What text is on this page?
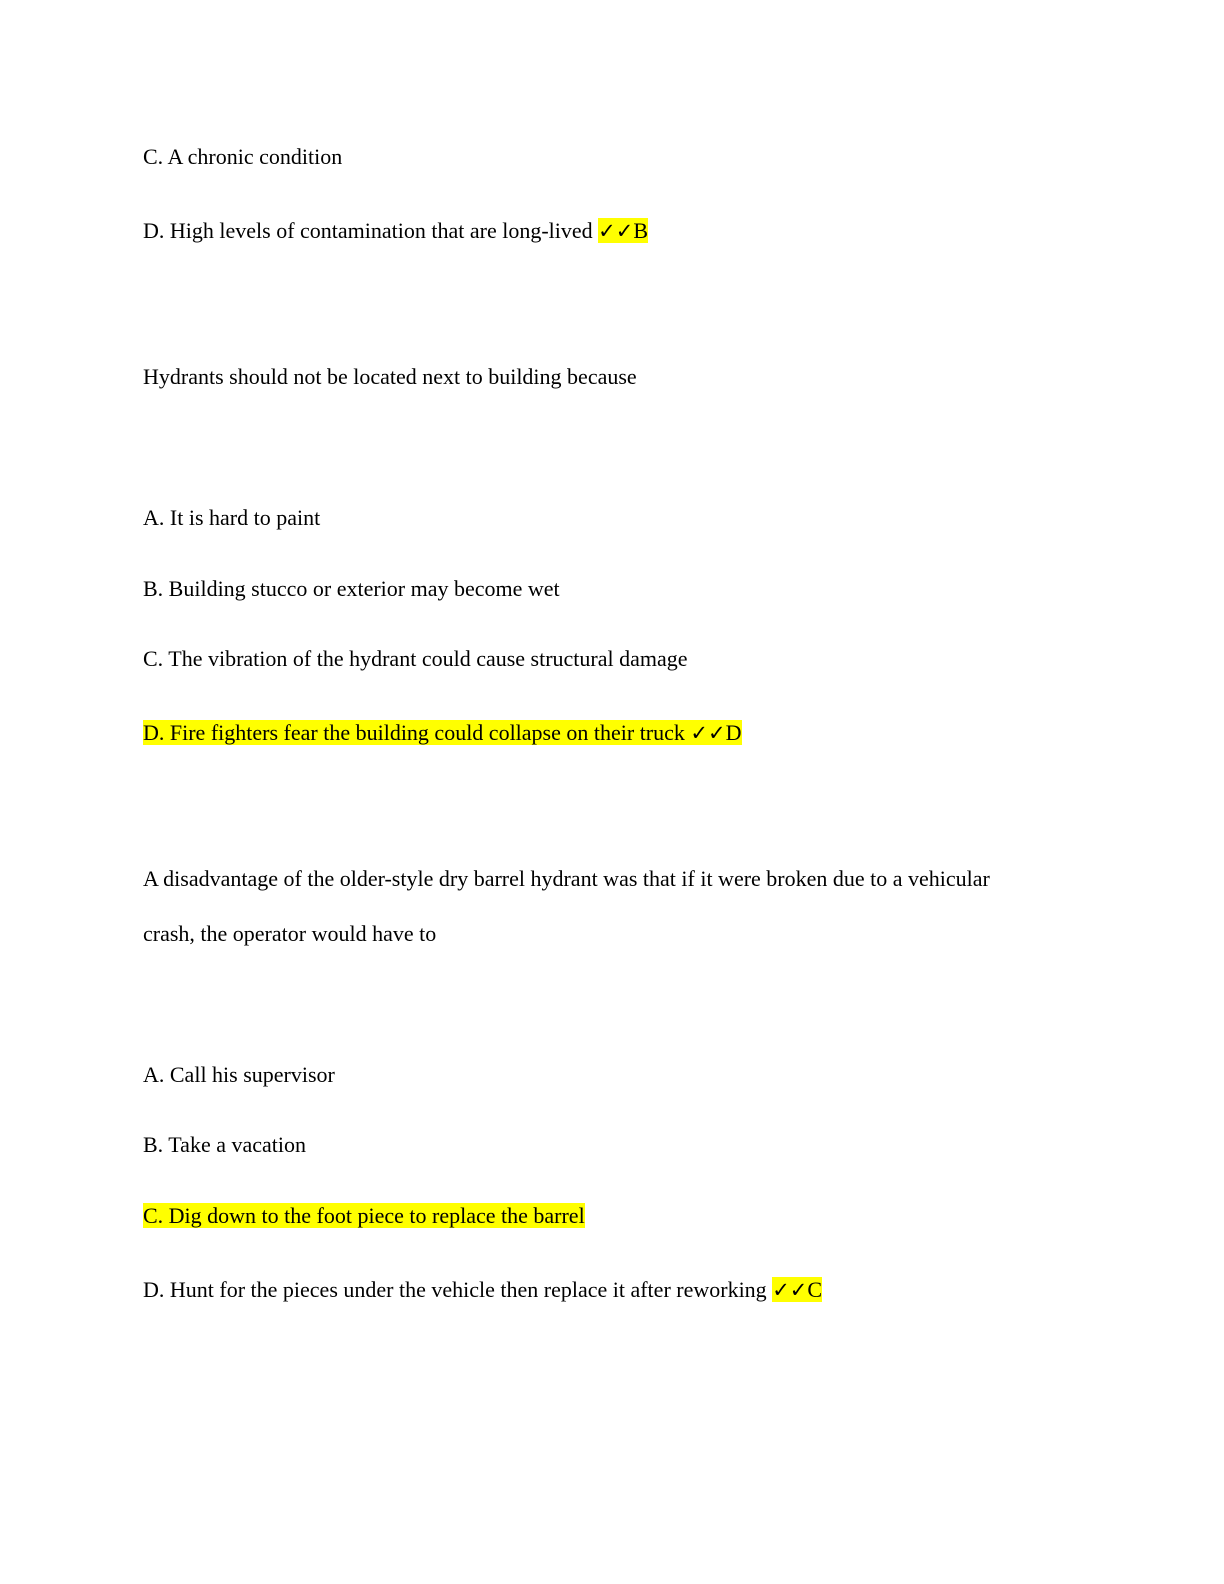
C. A chronic condition
D. High levels of contamination that are long-lived ✓✓B
Hydrants should not be located next to building because
A. It is hard to paint
B. Building stucco or exterior may become wet
C. The vibration of the hydrant could cause structural damage
D. Fire fighters fear the building could collapse on their truck ✓✓D
A disadvantage of the older-style dry barrel hydrant was that if it were broken due to a vehicular
crash, the operator would have to
A. Call his supervisor
B. Take a vacation
C. Dig down to the foot piece to replace the barrel
D. Hunt for the pieces under the vehicle then replace it after reworking ✓✓C
